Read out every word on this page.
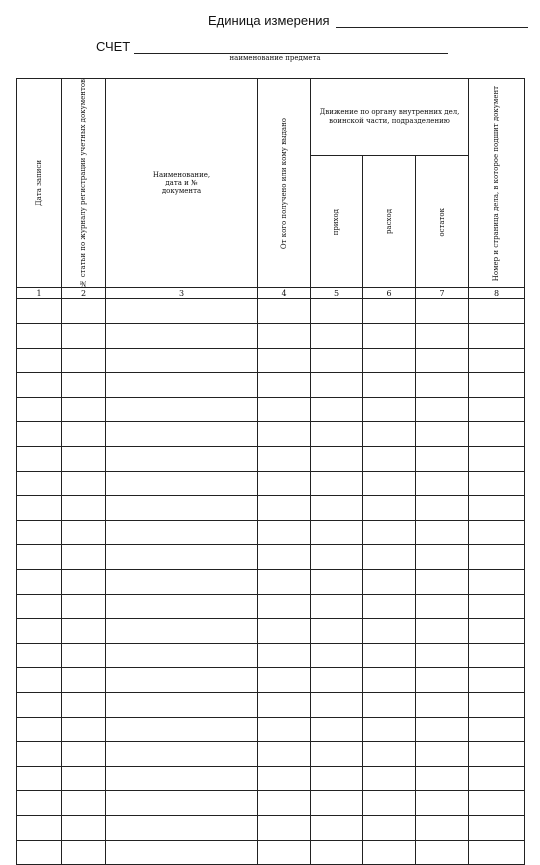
Единица измерения
СЧЕТ
наименование предмета
Дата записи	№ статьи по журналу регистрации учетных документов	Наименование, дата и № документа	От кого получено или кому выдано	Движение по органу внутренних дел, воинской части, подразделению			Номер и страница дела, в которое подшит документ

				приход	расход	остаток	

1	2	3	4	5	6	7	8
